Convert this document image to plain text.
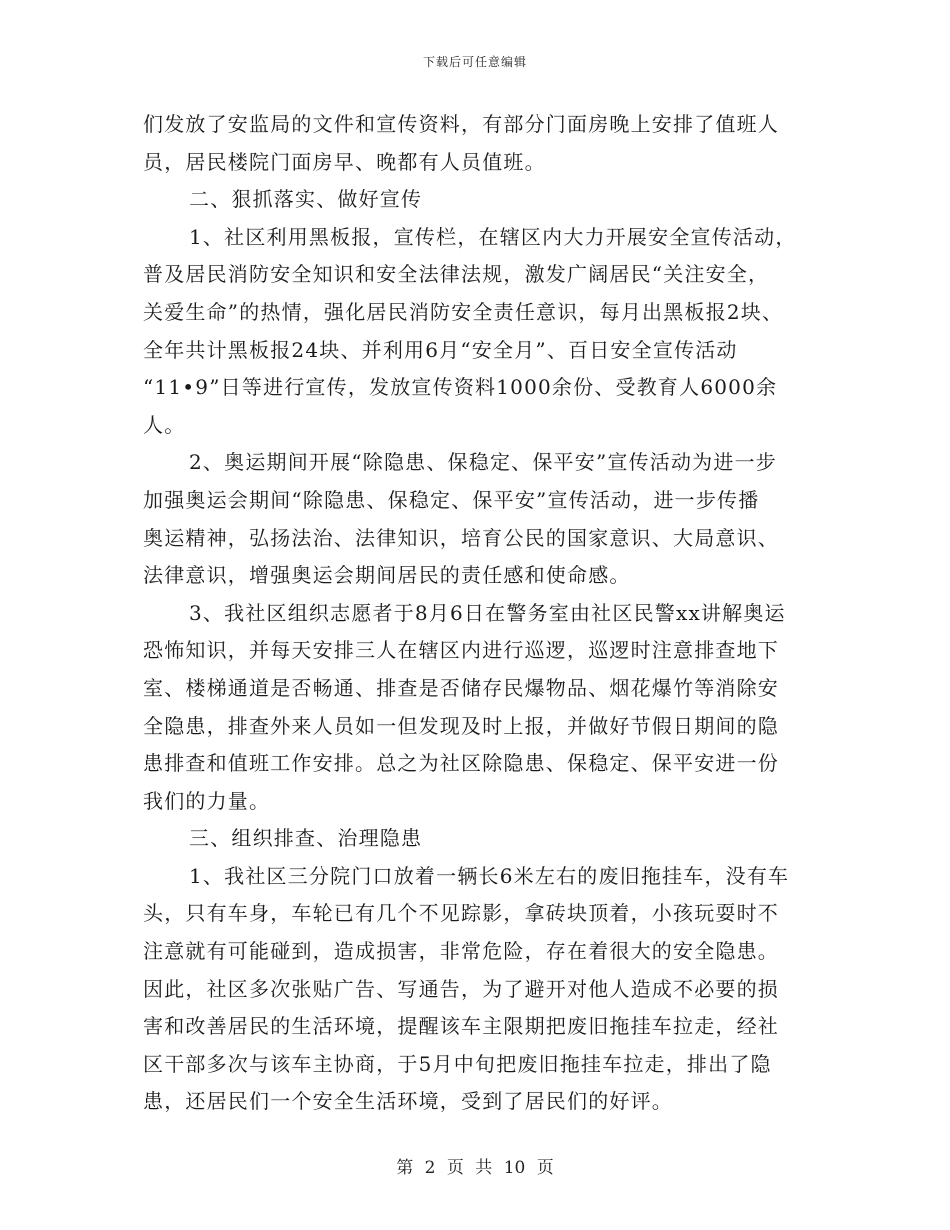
下载后可任意编辑
们发放了安监局的文件和宣传资料，有部分门面房晚上安排了值班人
员，居民楼院门面房早、晚都有人员值班。
二、狠抓落实、做好宣传
1、社区利用黑板报，宣传栏，在辖区内大力开展安全宣传活动，
普及居民消防安全知识和安全法律法规，激发广阔居民“关注安全，
关爱生命”的热情，强化居民消防安全责任意识，每月出黑板报2块、
全年共计黑板报24块、并利用6月“安全月”、百日安全宣传活动
“11•9”日等进行宣传，发放宣传资料1000余份、受教育人6000余
人。
2、奥运期间开展“除隐患、保稳定、保平安”宣传活动为进一步
加强奥运会期间“除隐患、保稳定、保平安”宣传活动，进一步传播
奥运精神，弘扬法治、法律知识，培育公民的国家意识、大局意识、
法律意识，增强奥运会期间居民的责任感和使命感。
3、我社区组织志愿者于8月6日在警务室由社区民警xx讲解奥运
恐怖知识，并每天安排三人在辖区内进行巡逻，巡逻时注意排查地下
室、楼梯通道是否畅通、排查是否储存民爆物品、烟花爆竹等消除安
全隐患，排查外来人员如一但发现及时上报，并做好节假日期间的隐
患排查和值班工作安排。总之为社区除隐患、保稳定、保平安进一份
我们的力量。
三、组织排查、治理隐患
1、我社区三分院门口放着一辆长6米左右的废旧拖挂车，没有车
头，只有车身，车轮已有几个不见踪影，拿砖块顶着，小孩玩耍时不
注意就有可能碰到，造成损害，非常危险，存在着很大的安全隐患。
因此，社区多次张贴广告、写通告，为了避开对他人造成不必要的损
害和改善居民的生活环境，提醒该车主限期把废旧拖挂车拉走，经社
区干部多次与该车主协商，于5月中旬把废旧拖挂车拉走，排出了隐
患，还居民们一个安全生活环境，受到了居民们的好评。
第 2 页 共 10 页
